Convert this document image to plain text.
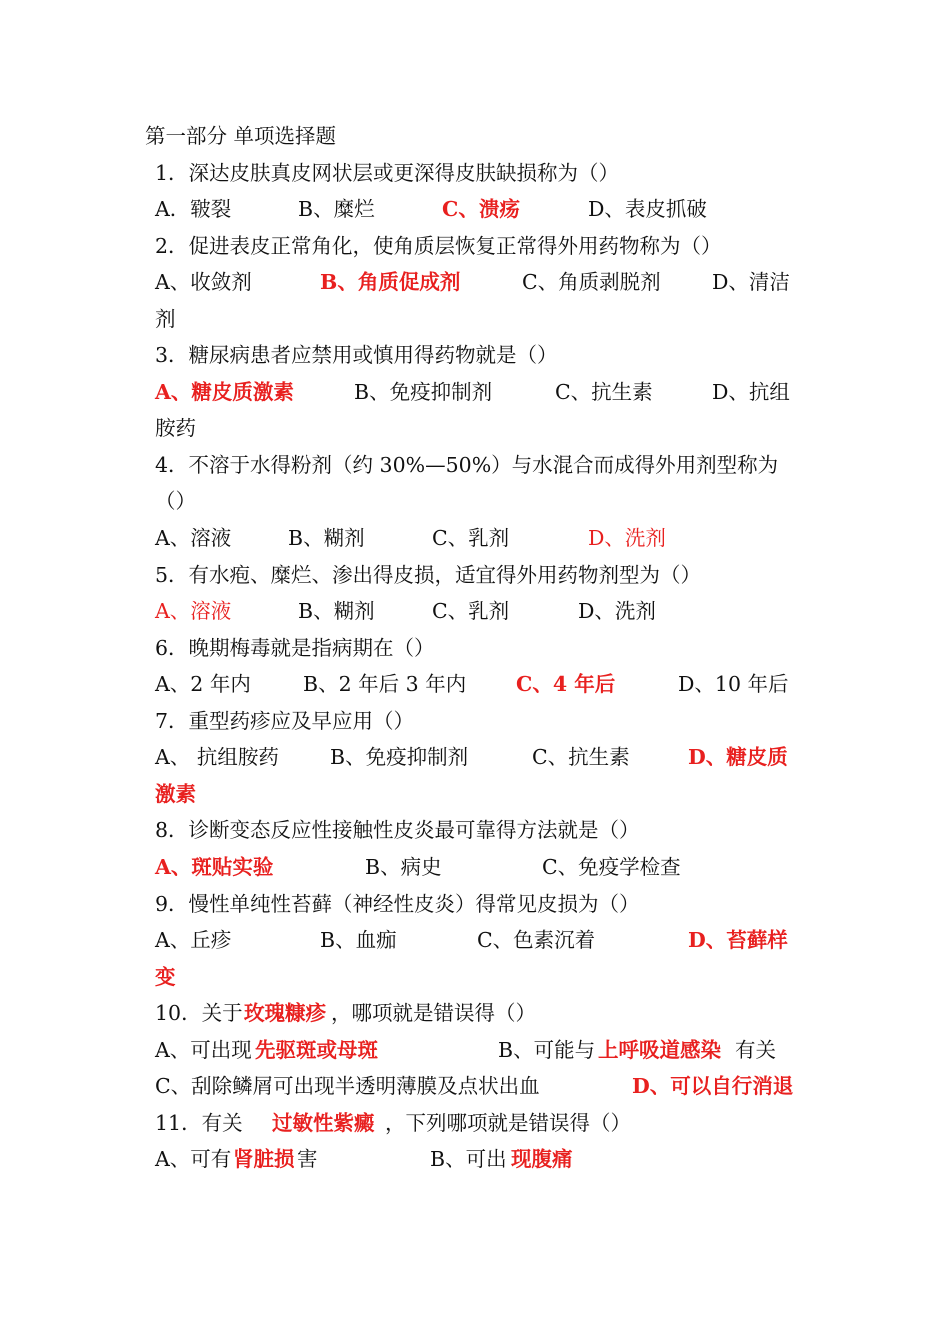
第一部分 单项选择题
1．深达皮肤真皮网状层或更深得皮肤缺损称为（）
A．皲裂	B、糜烂	C、溃疡	D、表皮抓破
2．促进表皮正常角化，使角质层恢复正常得外用药物称为（）
A、收敛剂	B、角质促成剂	C、角质剥脱剂	D、清洁
剂
3．糖尿病患者应禁用或慎用得药物就是（）
A、糖皮质激素	B、免疫抑制剂	C、抗生素	D、抗组
胺药
4．不溶于水得粉剂（约 30%—50%）与水混合而成得外用剂型称为
（）
A、溶液	B、糊剂	C、乳剂	D、洗剂
5．有水疱、糜烂、渗出得皮损，适宜得外用药物剂型为（）
A、溶液	B、糊剂	C、乳剂	D、洗剂
6．晚期梅毒就是指病期在（）
A、2 年内	B、2 年后 3 年内 C、4 年后	D、10 年后
7．重型药疹应及早应用（）
A、 抗组胺药 B、免疫抑制剂	C、抗生素	D、糖皮质
激素
8．诊断变态反应性接触性皮炎最可靠得方法就是（）
A、斑贴实验	B、病史	C、免疫学检查
9．慢性单纯性苔藓（神经性皮炎）得常见皮损为（）
A、丘疹	B、血痂	C、色素沉着	D、苔藓样
变
10．关于 玫瑰糠疹 ，哪项就是错误得（）
A、可出现 先驱斑或母斑	B、可能与 上呼吸道感染 有关
C、刮除鳞屑可出现半透明薄膜及点状出血	D、可以自行消退
11．有关 过敏性紫癜 ，下列哪项就是错误得（）
A、可有 肾脏损 害	B、可出 现腹痛
